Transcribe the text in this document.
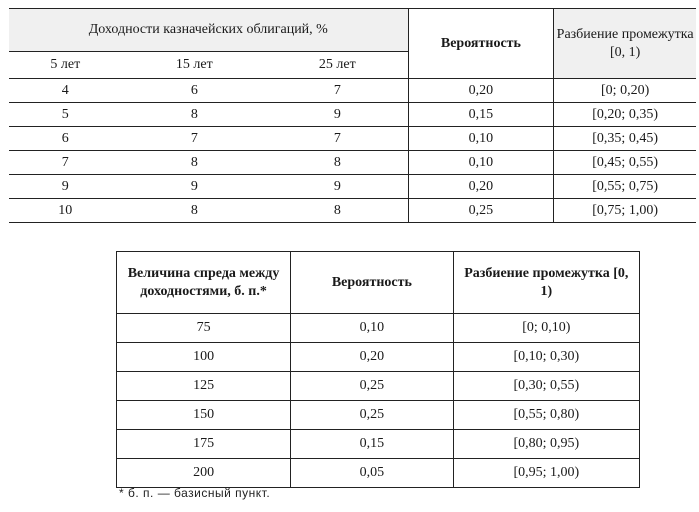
Доходности казначейских облигаций, %			Вероятность	Разбиение промежутка [0, 1)
5 лет	15 лет	25 лет		
4	6	7	0,20	[0; 0,20)
5	8	9	0,15	[0,20; 0,35)
6	7	7	0,10	[0,35; 0,45)
7	8	8	0,10	[0,45; 0,55)
9	9	9	0,20	[0,55; 0,75)
10	8	8	0,25	[0,75; 1,00)
Величина спреда между доходностями, б. п.*	Вероятность	Разбиение промежутка [0, 1)
75	0,10	[0; 0,10)
100	0,20	[0,10; 0,30)
125	0,25	[0,30; 0,55)
150	0,25	[0,55; 0,80)
175	0,15	[0,80; 0,95)
200	0,05	[0,95; 1,00)
* б. п. — базисный пункт.
